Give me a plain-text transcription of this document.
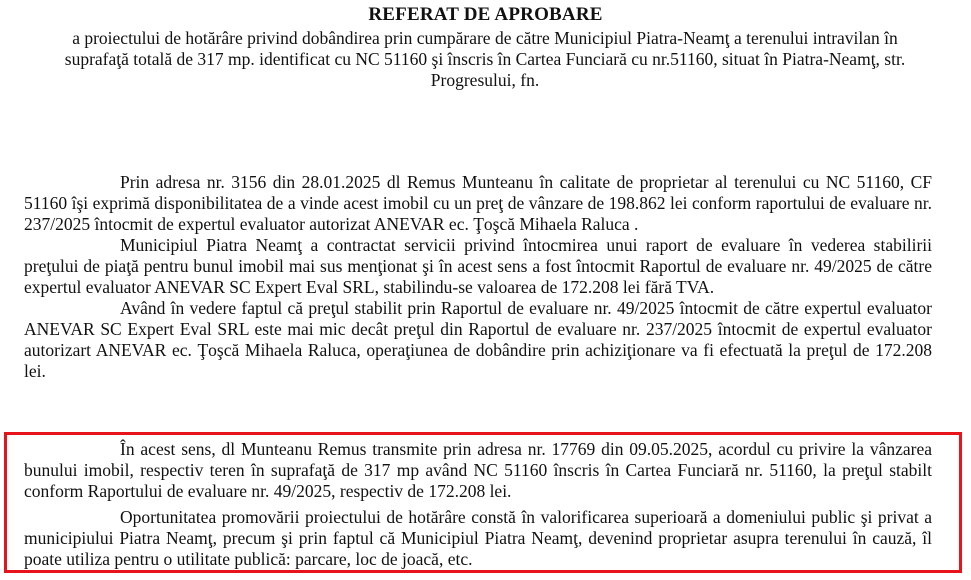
REFERAT DE APROBARE
a proiectului de hotărâre privind dobândirea prin cumpărare de către Municipiul Piatra-Neamţ a terenului intravilan în suprafaţă totală de 317 mp. identificat cu NC 51160 şi înscris în Cartea Funciară cu nr.51160, situat în Piatra-Neamţ, str. Progresului, fn.

Prin adresa nr. 3156 din 28.01.2025 dl Remus Munteanu în calitate de proprietar al terenului cu NC 51160, CF 51160 îşi exprimă disponibilitatea de a vinde acest imobil cu un preţ de vânzare de 198.862 lei conform raportului de evaluare nr. 237/2025 întocmit de expertul evaluator autorizat ANEVAR ec. Ţoşcă Mihaela Raluca .

Municipiul Piatra Neamţ a contractat servicii privind întocmirea unui raport de evaluare în vederea stabilirii preţului de piaţă pentru bunul imobil mai sus menţionat şi în acest sens a fost întocmit Raportul de evaluare nr. 49/2025 de către expertul evaluator ANEVAR SC Expert Eval SRL, stabilindu-se valoarea de 172.208 lei fără TVA.

Având în vedere faptul că preţul stabilit prin Raportul de evaluare nr. 49/2025 întocmit de către expertul evaluator ANEVAR SC Expert Eval SRL este mai mic decât preţul din Raportul de evaluare nr. 237/2025 întocmit de expertul evaluator autorizart ANEVAR ec. Ţoşcă Mihaela Raluca, operaţiunea de dobândire prin achiziţionare va fi efectuată la preţul de 172.208 lei.

În acest sens, dl Munteanu Remus transmite prin adresa nr. 17769 din 09.05.2025, acordul cu privire la vânzarea bunului imobil, respectiv teren în suprafaţă de 317 mp având NC 51160 înscris în Cartea Funciară nr. 51160, la preţul stabilt conform Raportului de evaluare nr. 49/2025, respectiv de 172.208 lei.

Oportunitatea promovării proiectului de hotărâre constă în valorificarea superioară a domeniului public şi privat a municipiului Piatra Neamţ, precum şi prin faptul că Municipiul Piatra Neamţ, devenind proprietar asupra terenului în cauză, îl poate utiliza pentru o utilitate publică: parcare, loc de joacă, etc.
